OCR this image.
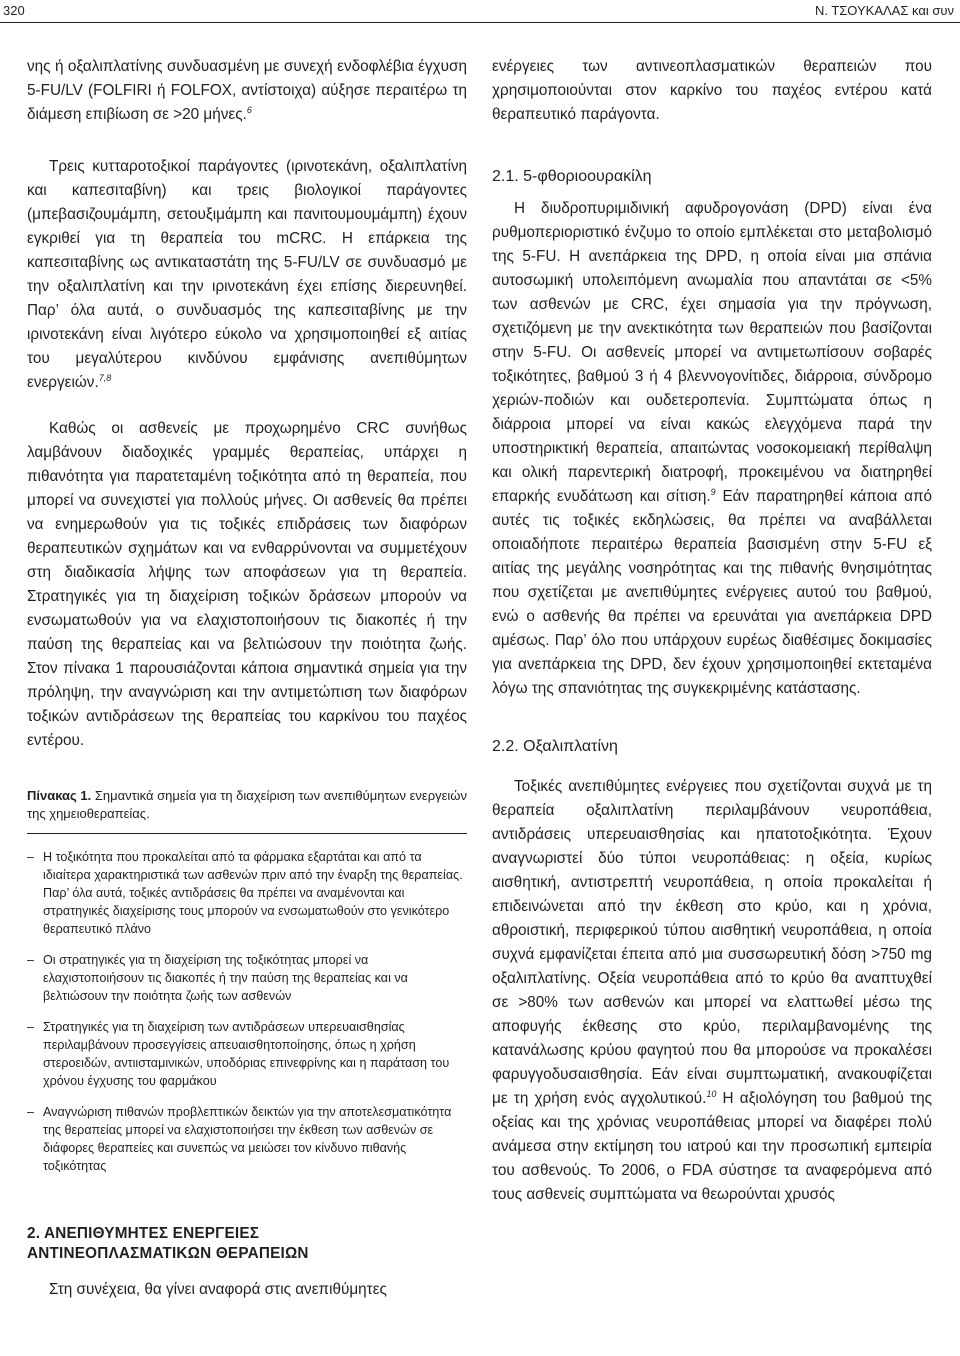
320	Ν. ΤΣΟΥΚΑΛΑΣ και συν

νης ή οξαλιπλατίνης συνδυασμένη με συνεχή ενδοφλέβια έγχυση 5-FU/LV (FOLFIRI ή FOLFOX, αντίστοιχα) αύξησε περαιτέρω τη διάμεση επιβίωση σε >20 μήνες.$^6$

Τρεις κυτταροτοξικοί παράγοντες (ιρινοτεκάνη, οξαλιπλατίνη και καπεσιταβίνη) και τρεις βιολογικοί παράγοντες (μπεβασιζουμάμπη, σετουξιμάμπη και πανιτουμουμάμπη) έχουν εγκριθεί για τη θεραπεία του mCRC. Η επάρκεια της καπεσιταβίνης ως αντικαταστάτη της 5-FU/LV σε συνδυασμό με την οξαλιπλατίνη και την ιρινοτεκάνη έχει επίσης διερευνηθεί. Παρ’ όλα αυτά, ο συνδυασμός της καπεσιταβίνης με την ιρινοτεκάνη είναι λιγότερο εύκολο να χρησιμοποιηθεί εξ αιτίας του μεγαλύτερου κινδύνου εμφάνισης ανεπιθύμητων ενεργειών.$^{7,8}$

Καθώς οι ασθενείς με προχωρημένο CRC συνήθως λαμβάνουν διαδοχικές γραμμές θεραπείας, υπάρχει η πιθανότητα για παρατεταμένη τοξικότητα από τη θεραπεία, που μπορεί να συνεχιστεί για πολλούς μήνες. Οι ασθενείς θα πρέπει να ενημερωθούν για τις τοξικές επιδράσεις των διαφόρων θεραπευτικών σχημάτων και να ενθαρρύνονται να συμμετέχουν στη διαδικασία λήψης των αποφάσεων για τη θεραπεία. Στρατηγικές για τη διαχείριση τοξικών δράσεων μπορούν να ενσωματωθούν για να ελαχιστοποιήσουν τις διακοπές ή την παύση της θεραπείας και να βελτιώσουν την ποιότητα ζωής. Στον πίνακα 1 παρουσιάζονται κάποια σημαντικά σημεία για την πρόληψη, την αναγνώριση και την αντιμετώπιση των διαφόρων τοξικών αντιδράσεων της θεραπείας του καρκίνου του παχέος εντέρου.

Πίνακας 1. Σημαντικά σημεία για τη διαχείριση των ανεπιθύμητων ενεργειών της χημειοθεραπείας.

– Η τοξικότητα που προκαλείται από τα φάρμακα εξαρτάται και από τα ιδιαίτερα χαρακτηριστικά των ασθενών πριν από την έναρξη της θεραπείας. Παρ’ όλα αυτά, τοξικές αντιδράσεις θα πρέπει να αναμένονται και στρατηγικές διαχείρισης τους μπορούν να ενσωματωθούν στο γενικότερο θεραπευτικό πλάνο
– Οι στρατηγικές για τη διαχείριση της τοξικότητας μπορεί να ελαχιστοποιήσουν τις διακοπές ή την παύση της θεραπείας και να βελτιώσουν την ποιότητα ζωής των ασθενών
– Στρατηγικές για τη διαχείριση των αντιδράσεων υπερευαισθησίας περιλαμβάνουν προσεγγίσεις απευαισθητοποίησης, όπως η χρήση στεροειδών, αντιισταμινικών, υποδόριας επινεφρίνης και η παράταση του χρόνου έγχυσης του φαρμάκου
– Αναγνώριση πιθανών προβλεπτικών δεικτών για την αποτελεσματικότητα της θεραπείας μπορεί να ελαχιστοποιήσει την έκθεση των ασθενών σε διάφορες θεραπείες και συνεπώς να μειώσει τον κίνδυνο πιθανής τοξικότητας

2. ΑΝΕΠΙΘΥΜΗΤΕΣ ΕΝΕΡΓΕΙΕΣ
ΑΝΤΙΝΕΟΠΛΑΣΜΑΤΙΚΩΝ ΘΕΡΑΠΕΙΩΝ

Στη συνέχεια, θα γίνει αναφορά στις ανεπιθύμητες

ενέργειες των αντινεοπλασματικών θεραπειών που χρησιμοποιούνται στον καρκίνο του παχέος εντέρου κατά θεραπευτικό παράγοντα.

2.1. 5-φθοριοουρακίλη

Η διυδροπυριμιδινική αφυδρογονάση (DPD) είναι ένα ρυθμοπεριοριστικό ένζυμο το οποίο εμπλέκεται στο μεταβολισμό της 5-FU. Η ανεπάρκεια της DPD, η οποία είναι μια σπάνια αυτοσωμική υπολειπόμενη ανωμαλία που απαντάται σε <5% των ασθενών με CRC, έχει σημασία για την πρόγνωση, σχετιζόμενη με την ανεκτικότητα των θεραπειών που βασίζονται στην 5-FU. Οι ασθενείς μπορεί να αντιμετωπίσουν σοβαρές τοξικότητες, βαθμού 3 ή 4 βλεννογονίτιδες, διάρροια, σύνδρομο χεριών-ποδιών και ουδετεροπενία. Συμπτώματα όπως η διάρροια μπορεί να είναι κακώς ελεγχόμενα παρά την υποστηρικτική θεραπεία, απαιτώντας νοσοκομειακή περίθαλψη και ολική παρεντερική διατροφή, προκειμένου να διατηρηθεί επαρκής ενυδάτωση και σίτιση.$^9$ Εάν παρατηρηθεί κάποια από αυτές τις τοξικές εκδηλώσεις, θα πρέπει να αναβάλλεται οποιαδήποτε περαιτέρω θεραπεία βασισμένη στην 5-FU εξ αιτίας της μεγάλης νοσηρότητας και της πιθανής θνησιμότητας που σχετίζεται με ανεπιθύμητες ενέργειες αυτού του βαθμού, ενώ ο ασθενής θα πρέπει να ερευνάται για ανεπάρκεια DPD αμέσως. Παρ’ όλο που υπάρχουν ευρέως διαθέσιμες δοκιμασίες για ανεπάρκεια της DPD, δεν έχουν χρησιμοποιηθεί εκτεταμένα λόγω της σπανιότητας της συγκεκριμένης κατάστασης.

2.2. Οξαλιπλατίνη

Τοξικές ανεπιθύμητες ενέργειες που σχετίζονται συχνά με τη θεραπεία οξαλιπλατίνη περιλαμβάνουν νευροπάθεια, αντιδράσεις υπερευαισθησίας και ηπατοτοξικότητα. Έχουν αναγνωριστεί δύο τύποι νευροπάθειας: η οξεία, κυρίως αισθητική, αντιστρεπτή νευροπάθεια, η οποία προκαλείται ή επιδεινώνεται από την έκθεση στο κρύο, και η χρόνια, αθροιστική, περιφερικού τύπου αισθητική νευροπάθεια, η οποία συχνά εμφανίζεται έπειτα από μια συσσωρευτική δόση >750 mg οξαλιπλατίνης. Οξεία νευροπάθεια από το κρύο θα αναπτυχθεί σε >80% των ασθενών και μπορεί να ελαττωθεί μέσω της αποφυγής έκθεσης στο κρύο, περιλαμβανομένης της κατανάλωσης κρύου φαγητού που θα μπορούσε να προκαλέσει φαρυγγοδυσαισθησία. Εάν είναι συμπτωματική, ανακουφίζεται με τη χρήση ενός αγχολυτικού.$^{10}$ Η αξιολόγηση του βαθμού της οξείας και της χρόνιας νευροπάθειας μπορεί να διαφέρει πολύ ανάμεσα στην εκτίμηση του ιατρού και την προσωπική εμπειρία του ασθενούς. Το 2006, ο FDA σύστησε τα αναφερόμενα από τους ασθενείς συμπτώματα να θεωρούνται χρυσός
